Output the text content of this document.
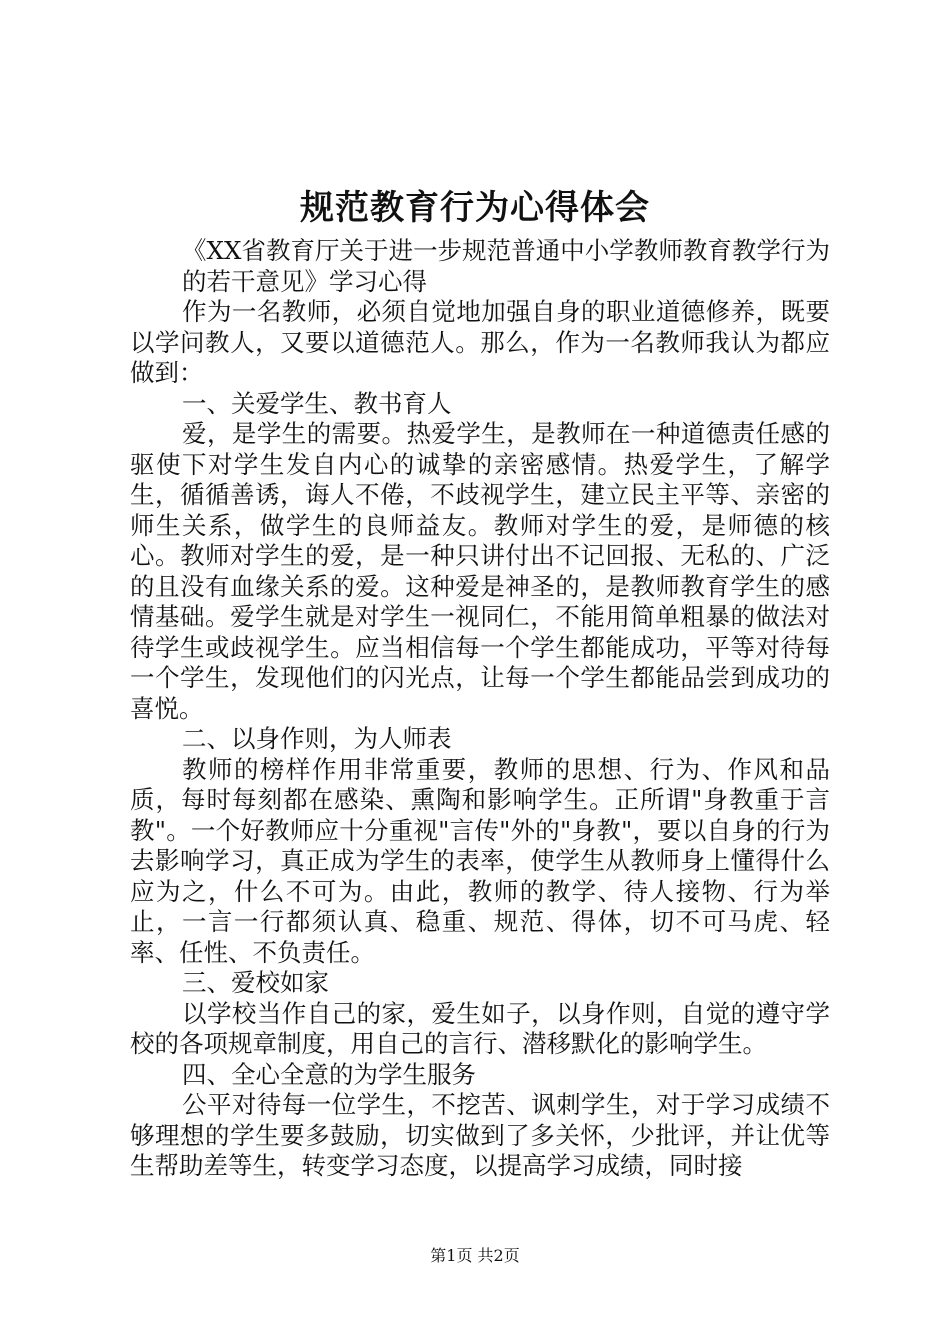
规范教育行为心得体会

《XX省教育厅关于进一步规范普通中小学教师教育教学行为的若干意见》学习心得

作为一名教师，必须自觉地加强自身的职业道德修养，既要以学问教人，又要以道德范人。那么，作为一名教师我认为都应做到：

一、关爱学生、教书育人

爱，是学生的需要。热爱学生，是教师在一种道德责任感的驱使下对学生发自内心的诚挚的亲密感情。热爱学生，了解学生，循循善诱，诲人不倦，不歧视学生，建立民主平等、亲密的师生关系，做学生的良师益友。教师对学生的爱，是师德的核心。教师对学生的爱，是一种只讲付出不记回报、无私的、广泛的且没有血缘关系的爱。这种爱是神圣的，是教师教育学生的感情基础。爱学生就是对学生一视同仁，不能用简单粗暴的做法对待学生或歧视学生。应当相信每一个学生都能成功，平等对待每一个学生，发现他们的闪光点，让每一个学生都能品尝到成功的喜悦。

二、以身作则，为人师表

教师的榜样作用非常重要，教师的思想、行为、作风和品质，每时每刻都在感染、熏陶和影响学生。正所谓"身教重于言教"。一个好教师应十分重视"言传"外的"身教"，要以自身的行为去影响学习，真正成为学生的表率，使学生从教师身上懂得什么应为之，什么不可为。由此，教师的教学、待人接物、行为举止，一言一行都须认真、稳重、规范、得体，切不可马虎、轻率、任性、不负责任。

三、爱校如家

以学校当作自己的家，爱生如子，以身作则，自觉的遵守学校的各项规章制度，用自己的言行、潜移默化的影响学生。

四、全心全意的为学生服务

公平对待每一位学生，不挖苦、讽刺学生，对于学习成绩不够理想的学生要多鼓励，切实做到了多关怀，少批评，并让优等生帮助差等生，转变学习态度，以提高学习成绩，同时接

第1页 共2页
